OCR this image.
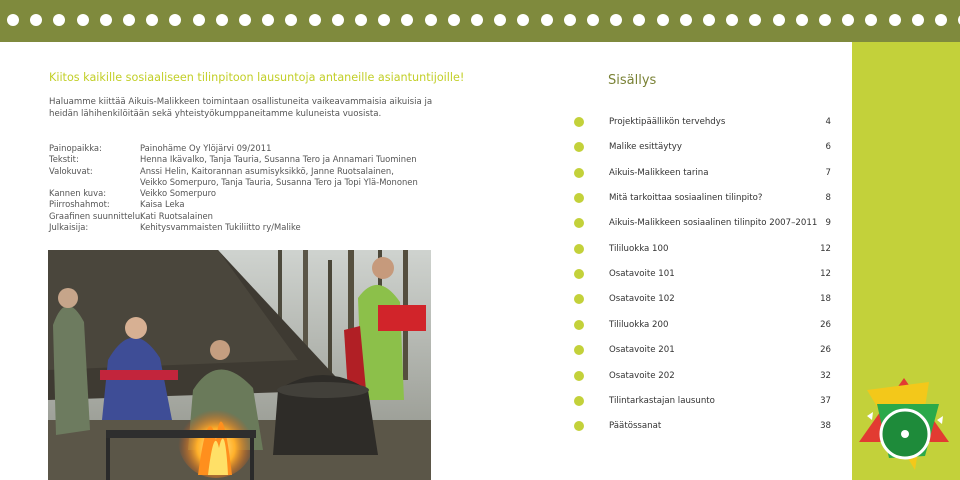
Kiitos kaikille sosiaaliseen tilinpitoon lausuntoja antaneille asiantuntijoille!
Haluamme kiittää Aikuis-Malikkeen toimintaan osallistuneita vaikeavammaisia aikuisia ja heidän lähihenkilöitään sekä yhteistyökumppaneitamme kuluneista vuosista.
Painopaikka:	Painohäme Oy Ylöjärvi 09/2011
Tekstit:	Henna Ikävalko, Tanja Tauria, Susanna Tero ja Annamari Tuominen
Valokuvat:	Anssi Helin, Kaitorannan asumisyksikkö, Janne Ruotsalainen,
Veikko Somerpuro, Tanja Tauria, Susanna Tero ja Topi Ylä-Mononen
Kannen kuva:	Veikko Somerpuro
Piirroshahmot:	Kaisa Leka
Graafinen suunnittelu:
Kati Ruotsalainen
Julkaisija:	Kehitysvammaisten Tukiliitto ry/Malike
Sisällys
Projektipäällikön tervehdys	4
Malike esittäytyy	6
Aikuis-Malikkeen tarina	7
Mitä tarkoittaa sosiaalinen tilinpito?	8
Aikuis-Malikkeen sosiaalinen tilinpito 2007–2011 9
Tililuokka 100	12
Osatavoite 101	12
Osatavoite 102	18
Tililuokka 200	26
Osatavoite 201	26
Osatavoite 202	32
Tilintarkastajan lausunto	37
Päätössanat	38
